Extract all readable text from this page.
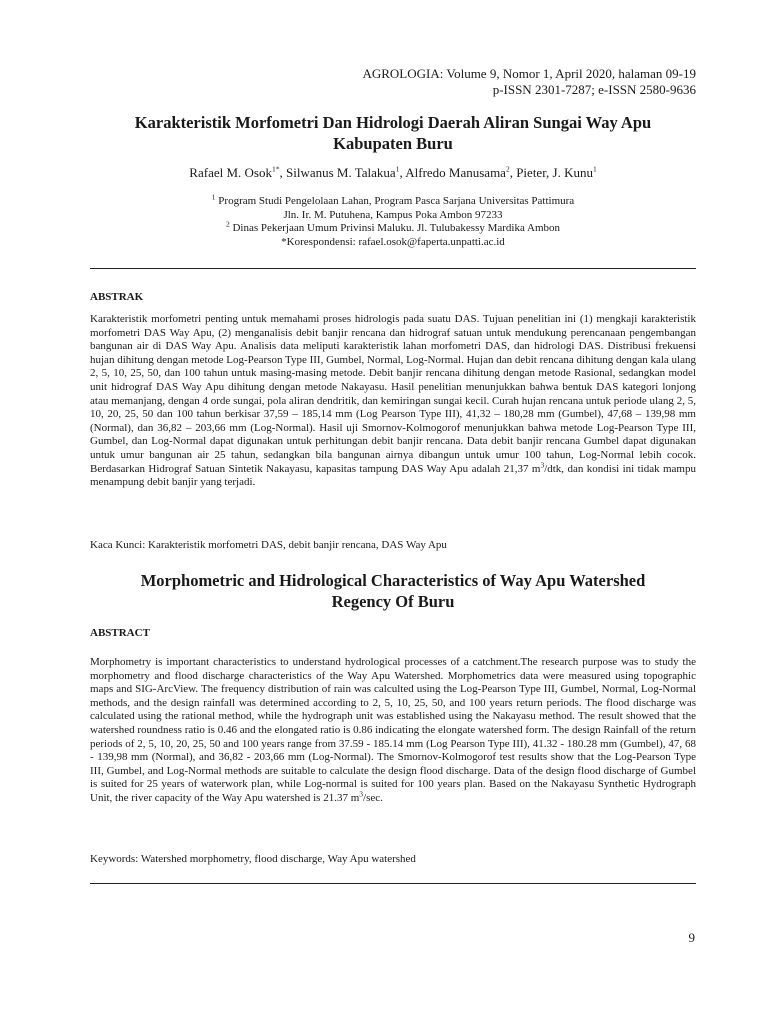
AGROLOGIA: Volume 9, Nomor 1, April 2020, halaman 09-19
p-ISSN 2301-7287; e-ISSN 2580-9636
Karakteristik Morfometri Dan Hidrologi Daerah Aliran Sungai Way Apu
Kabupaten Buru
Rafael M. Osok$^{1*}$, Silwanus M. Talakua$^1$, Alfredo Manusama$^2$, Pieter, J. Kunu$^1$
$^1$ Program Studi Pengelolaan Lahan, Program Pasca Sarjana Universitas Pattimura
Jln. Ir. M. Putuhena, Kampus Poka Ambon 97233
$^2$ Dinas Pekerjaan Umum Privinsi Maluku. Jl. Tulubakessy Mardika Ambon
*Korespondensi: rafael.osok@faperta.unpatti.ac.id
ABSTRAK

Karakteristik morfometri penting untuk memahami proses hidrologis pada suatu DAS. Tujuan penelitian ini (1) mengkaji karakteristik morfometri DAS Way Apu, (2) menganalisis debit banjir rencana dan hidrograf satuan untuk mendukung perencanaan pengembangan bangunan air di DAS Way Apu. Analisis data meliputi karakteristik lahan morfometri DAS, dan hidrologi DAS. Distribusi frekuensi hujan dihitung dengan metode Log-Pearson Type III, Gumbel, Normal, Log-Normal. Hujan dan debit rencana dihitung dengan kala ulang 2, 5, 10, 25, 50, dan 100 tahun untuk masing-masing metode. Debit banjir rencana dihitung dengan metode Rasional, sedangkan model unit hidrograf DAS Way Apu dihitung dengan metode Nakayasu. Hasil penelitian menunjukkan bahwa bentuk DAS kategori lonjong atau memanjang, dengan 4 orde sungai, pola aliran dendritik, dan kemiringan sungai kecil. Curah hujan rencana untuk periode ulang 2, 5, 10, 20, 25, 50 dan 100 tahun berkisar 37,59 – 185,14 mm (Log Pearson Type III), 41,32 – 180,28 mm (Gumbel), 47,68 – 139,98 mm (Normal), dan 36,82 – 203,66 mm (Log-Normal). Hasil uji Smornov-Kolmogorof menunjukkan bahwa metode Log-Pearson Type III, Gumbel, dan Log-Normal dapat digunakan untuk perhitungan debit banjir rencana. Data debit banjir rencana Gumbel dapat digunakan untuk umur bangunan air 25 tahun, sedangkan bila bangunan airnya dibangun untuk umur 100 tahun, Log-Normal lebih cocok. Berdasarkan Hidrograf Satuan Sintetik Nakayasu, kapasitas tampung DAS Way Apu adalah 21,37 $m^3$/dtk, dan kondisi ini tidak mampu menampung debit banjir yang terjadi.

Kaca Kunci: Karakteristik morfometri DAS, debit banjir rencana, DAS Way Apu
Morphometric and Hidrological Characteristics of Way Apu Watershed
Regency Of Buru
ABSTRACT

Morphometry is important characteristics to understand hydrological processes of a catchment.The research purpose was to study the morphometry and flood discharge characteristics of the Way Apu Watershed. Morphometrics data were measured using topographic maps and SIG-ArcView. The frequency distribution of rain was calculted using the Log-Pearson Type III, Gumbel, Normal, Log-Normal methods, and the design rainfall was determined according to 2, 5, 10, 25, 50, and 100 years return periods. The flood discharge was calculated using the rational method, while the hydrograph unit was established using the Nakayasu method. The result showed that the watershed roundness ratio is 0.46 and the elongated ratio is 0.86 indicating the elongate watershed form. The design Rainfall of the return periods of 2, 5, 10, 20, 25, 50 and 100 years range from 37.59 - 185.14 mm (Log Pearson Type III), 41.32 - 180.28 mm (Gumbel), 47, 68 - 139,98 mm (Normal), and 36,82 - 203,66 mm (Log-Normal). The Smornov-Kolmogorof test results show that the Log-Pearson Type III, Gumbel, and Log-Normal methods are suitable to calculate the design flood discharge. Data of the design flood discharge of Gumbel is suited for 25 years of waterwork plan, while Log-normal is suited for 100 years plan. Based on the Nakayasu Synthetic Hydrograph Unit, the river capacity of the Way Apu watershed is 21.37 $m^3/\sec$.

Keywords: Watershed morphometry, flood discharge, Way Apu watershed
9
